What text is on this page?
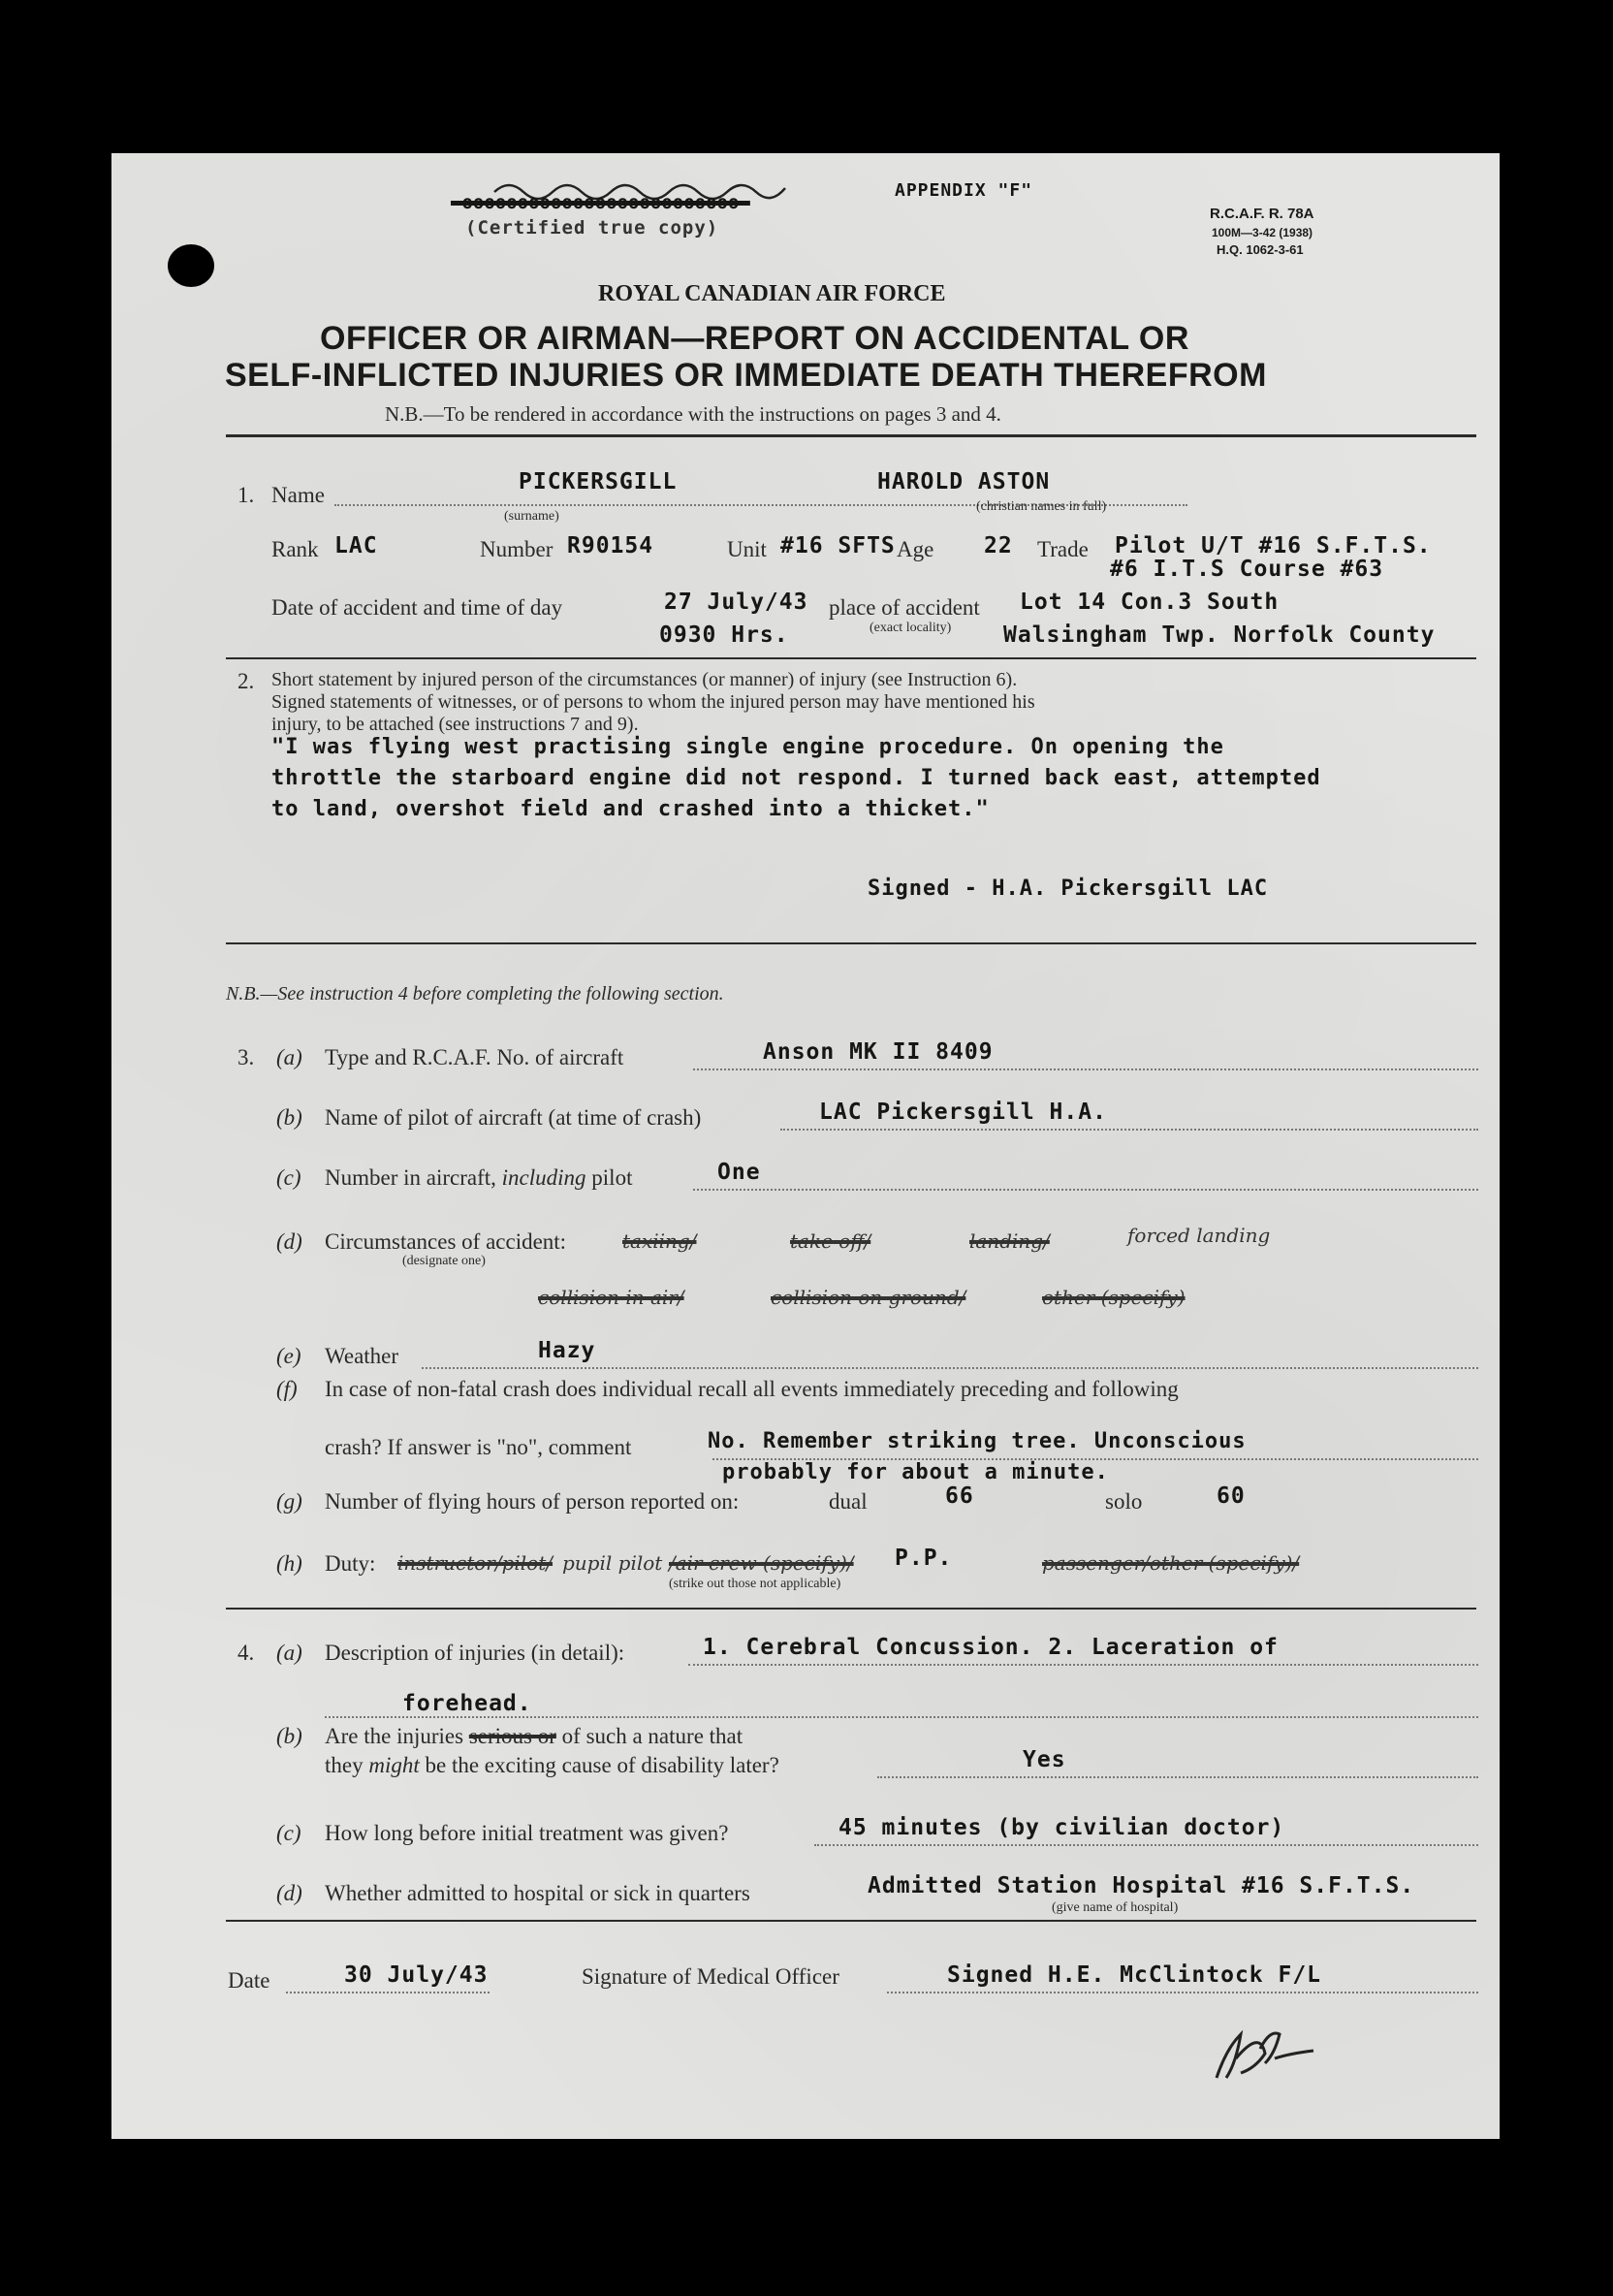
ooooooooooooooooooooooooo
(Certified true copy)
APPENDIX "F"
R.C.A.F. R. 78A
100M—3-42 (1938)
H.Q. 1062-3-61
ROYAL CANADIAN AIR FORCE
OFFICER OR AIRMAN—REPORT ON ACCIDENTAL OR
SELF-INFLICTED INJURIES OR IMMEDIATE DEATH THEREFROM
N.B.—To be rendered in accordance with the instructions on pages 3 and 4.
1. Name
PICKERSGILL	HAROLD ASTON
(surname)
(christian names in full)
Rank LAC	Number R90154	Unit #16 SFTS Age 22 Trade Pilot U/T #16 S.F.T.S.
#6 I.T.S Course #63
Date of accident and time of day	27 July/43
0930 Hrs.
place of accident
(exact locality)
Lot 14 Con.3 South
Walsingham Twp. Norfolk County
2. Short statement by injured person of the circumstances (or manner) of injury (see Instruction 6).
Signed statements of witnesses, or of persons to whom the injured person may have mentioned his
injury, to be attached (see instructions 7 and 9).
"I was flying west practising single engine procedure. On opening the
throttle the starboard engine did not respond. I turned back east, attempted
to land, overshot field and crashed into a thicket."
Signed - H.A. Pickersgill LAC
N.B.—See instruction 4 before completing the following section.
3. (a) Type and R.C.A.F. No. of aircraft	Anson MK II 8409
(b) Name of pilot of aircraft (at time of crash)	LAC Pickersgill H.A.
(c) Number in aircraft, including pilot	One
(d) Circumstances of accident:
(designate one)
taxiing/	take off/	landing/	forced landing
collision in air/	collision on ground/	other (specify)
(e) Weather	Hazy
(f) In case of non-fatal crash does individual recall all events immediately preceding and following
crash? If answer is "no", comment	No. Remember striking tree. Unconscious
probably for about a minute.
(g) Number of flying hours of person reported on:	dual	66	solo	60
(h) Duty: instructor/pilot/ pupil pilot /air crew (specify)/ P.P.	passenger/other (specify)/
(strike out those not applicable)
4. (a) Description of injuries (in detail):	1. Cerebral Concussion. 2. Laceration of
forehead.
(b) Are the injuries serious or of such a nature that
they might be the exciting cause of disability later?	Yes
(c) How long before initial treatment was given?	45 minutes (by civilian doctor)
(d) Whether admitted to hospital or sick in quarters	Admitted Station Hospital #16 S.F.T.S.
(give name of hospital)
Date	30 July/43	Signature of Medical Officer	Signed H.E. McClintock F/L
